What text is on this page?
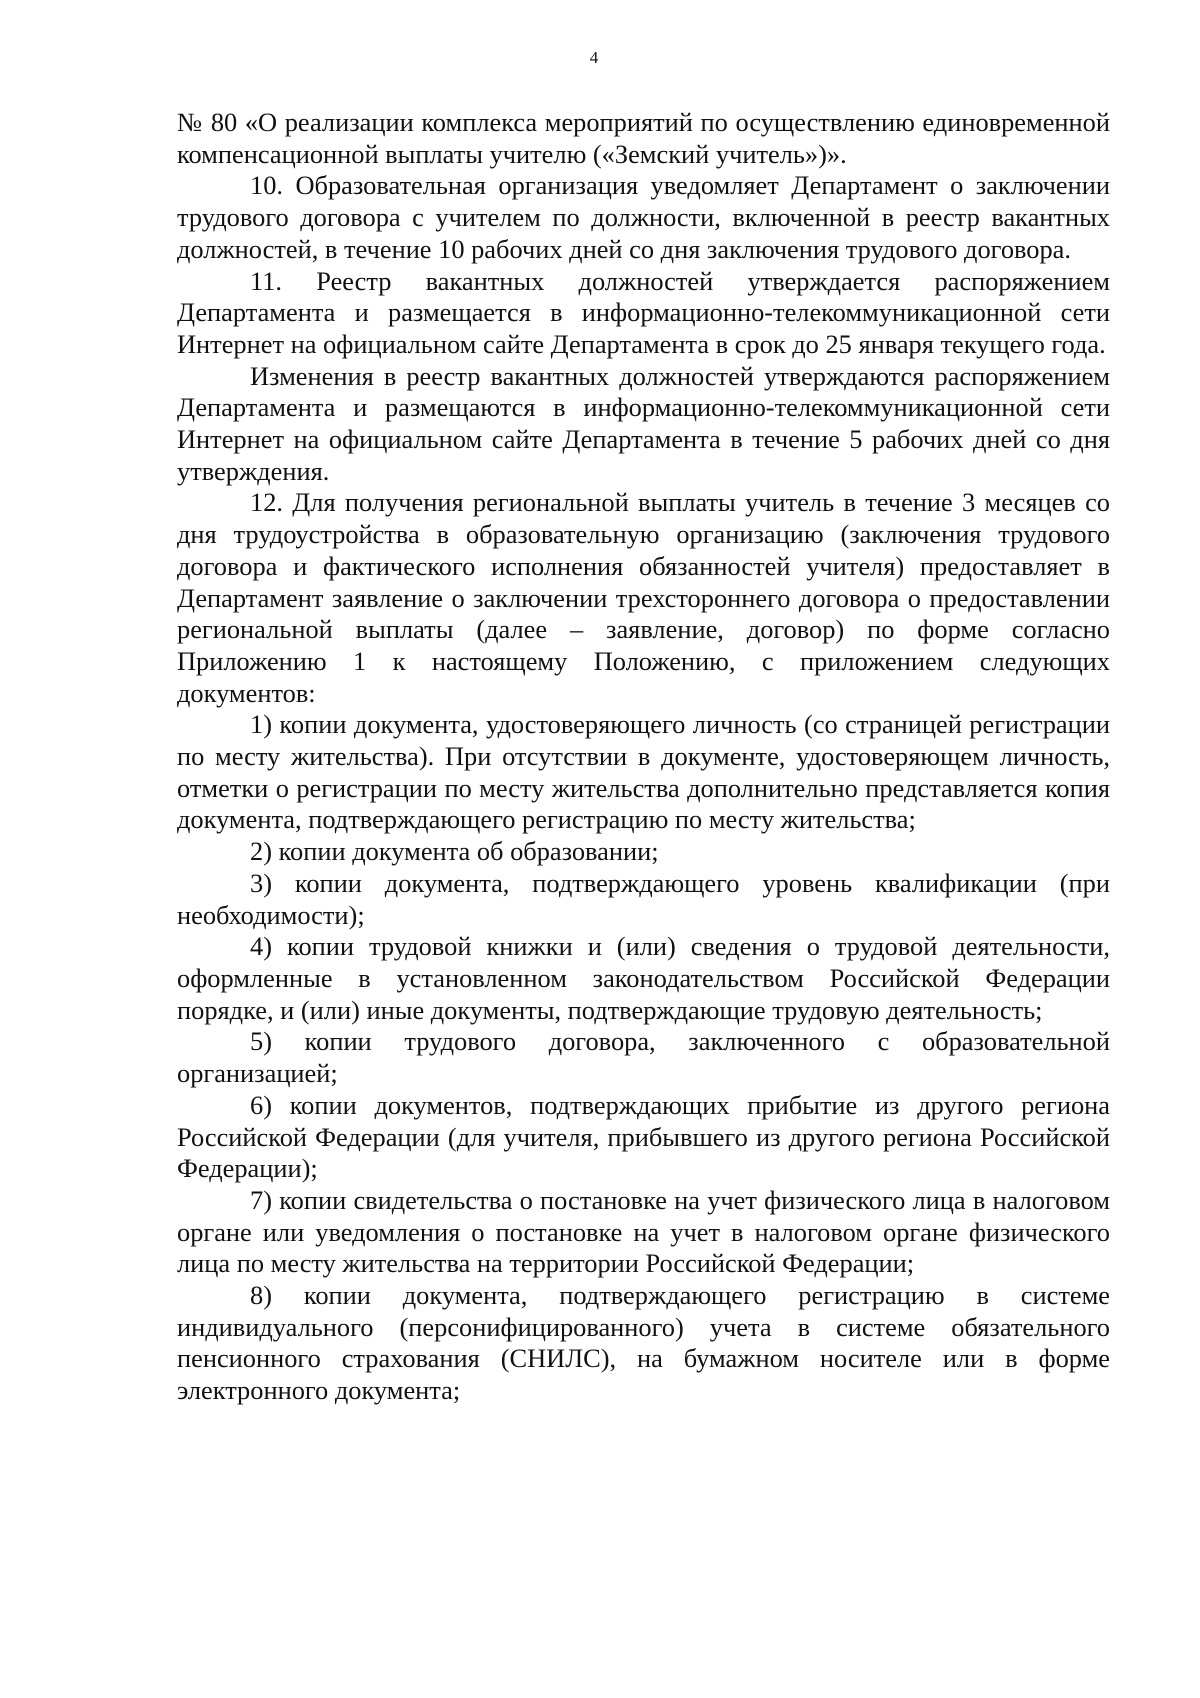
4

№ 80 «О реализации комплекса мероприятий по осуществлению единовременной компенсационной выплаты учителю («Земский учитель»)».

10. Образовательная организация уведомляет Департамент о заключении трудового договора с учителем по должности, включенной в реестр вакантных должностей, в течение 10 рабочих дней со дня заключения трудового договора.

11. Реестр вакантных должностей утверждается распоряжением Департамента и размещается в информационно-телекоммуникационной сети Интернет на официальном сайте Департамента в срок до 25 января текущего года.

Изменения в реестр вакантных должностей утверждаются распоряжением Департамента и размещаются в информационно-телекоммуникационной сети Интернет на официальном сайте Департамента в течение 5 рабочих дней со дня утверждения.

12. Для получения региональной выплаты учитель в течение 3 месяцев со дня трудоустройства в образовательную организацию (заключения трудового договора и фактического исполнения обязанностей учителя) предоставляет в Департамент заявление о заключении трехстороннего договора о предоставлении региональной выплаты (далее – заявление, договор) по форме согласно Приложению 1 к настоящему Положению, с приложением следующих документов:

1) копии документа, удостоверяющего личность (со страницей регистрации по месту жительства). При отсутствии в документе, удостоверяющем личность, отметки о регистрации по месту жительства дополнительно представляется копия документа, подтверждающего регистрацию по месту жительства;

2) копии документа об образовании;

3) копии документа, подтверждающего уровень квалификации (при необходимости);

4) копии трудовой книжки и (или) сведения о трудовой деятельности, оформленные в установленном законодательством Российской Федерации порядке, и (или) иные документы, подтверждающие трудовую деятельность;

5) копии трудового договора, заключенного с образовательной организацией;

6) копии документов, подтверждающих прибытие из другого региона Российской Федерации (для учителя, прибывшего из другого региона Российской Федерации);

7) копии свидетельства о постановке на учет физического лица в налоговом органе или уведомления о постановке на учет в налоговом органе физического лица по месту жительства на территории Российской Федерации;

8) копии документа, подтверждающего регистрацию в системе индивидуального (персонифицированного) учета в системе обязательного пенсионного страхования (СНИЛС), на бумажном носителе или в форме электронного документа;
